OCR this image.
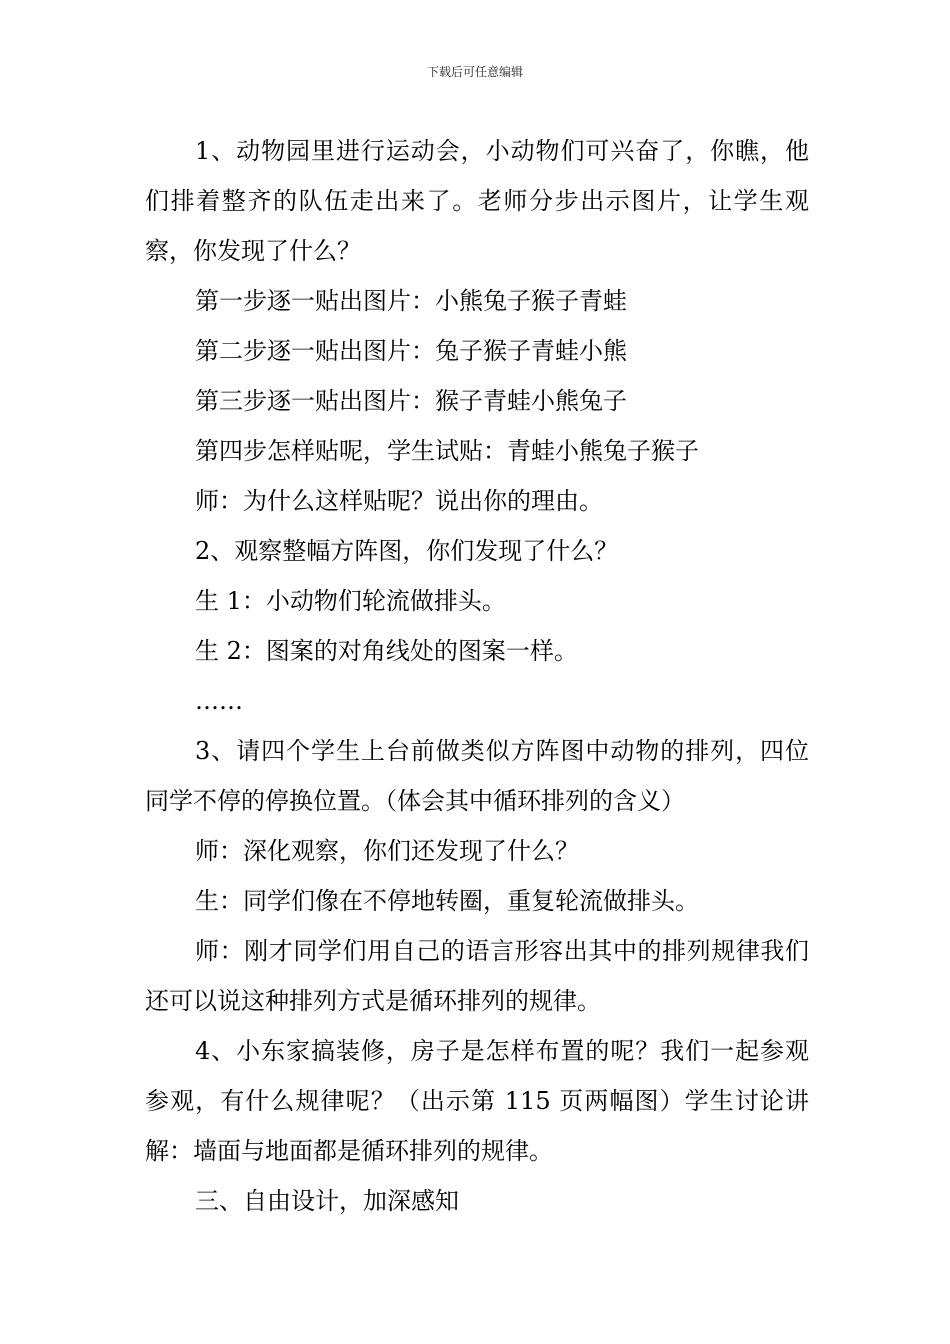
下载后可任意编辑

1、动物园里进行运动会，小动物们可兴奋了，你瞧，他们排着整齐的队伍走出来了。老师分步出示图片，让学生观察，你发现了什么？

第一步逐一贴出图片：小熊兔子猴子青蛙

第二步逐一贴出图片：兔子猴子青蛙小熊

第三步逐一贴出图片：猴子青蛙小熊兔子

第四步怎样贴呢，学生试贴：青蛙小熊兔子猴子

师：为什么这样贴呢？说出你的理由。

2、观察整幅方阵图，你们发现了什么？

生 1：小动物们轮流做排头。

生 2：图案的对角线处的图案一样。

……

3、请四个学生上台前做类似方阵图中动物的排列，四位同学不停的停换位置。（体会其中循环排列的含义）

师：深化观察，你们还发现了什么？

生：同学们像在不停地转圈，重复轮流做排头。

师：刚才同学们用自己的语言形容出其中的排列规律我们还可以说这种排列方式是循环排列的规律。

4、小东家搞装修，房子是怎样布置的呢？我们一起参观参观，有什么规律呢？（出示第 115 页两幅图）学生讨论讲解：墙面与地面都是循环排列的规律。

三、自由设计，加深感知
